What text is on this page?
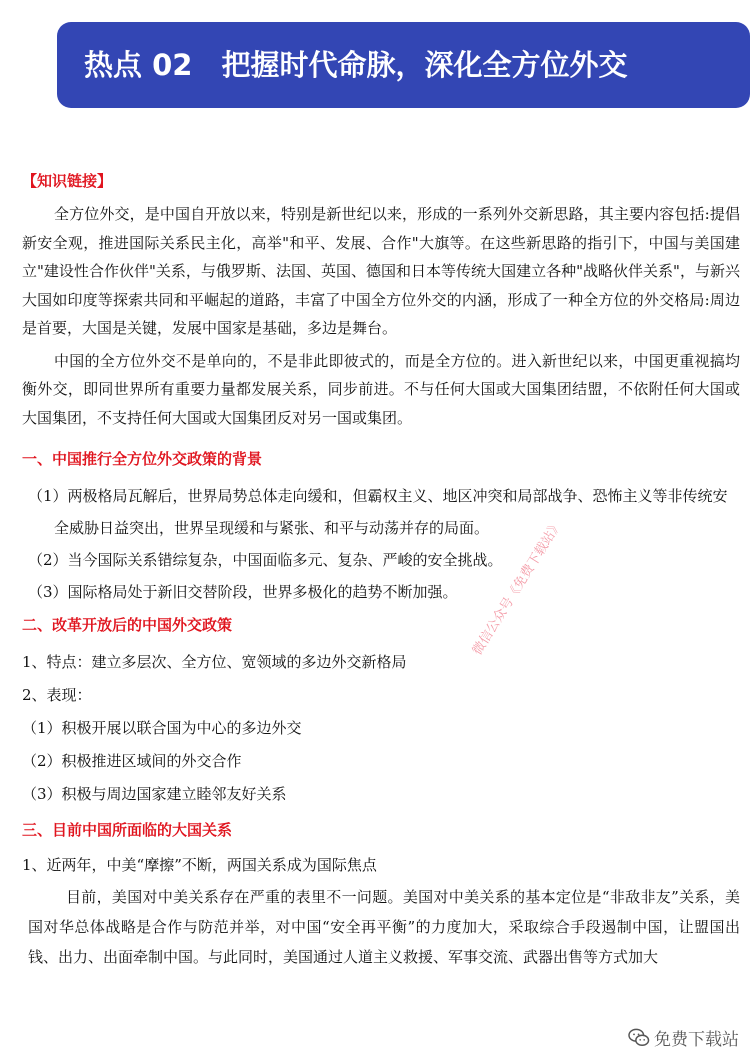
热点 02　把握时代命脉，深化全方位外交
【知识链接】

全方位外交，是中国自开放以来，特别是新世纪以来，形成的一系列外交新思路，其主要内容包括:提倡新安全观，推进国际关系民主化，高举"和平、发展、合作"大旗等。在这些新思路的指引下，中国与美国建立"建设性合作伙伴"关系，与俄罗斯、法国、英国、德国和日本等传统大国建立各种"战略伙伴关系"，与新兴大国如印度等探索共同和平崛起的道路，丰富了中国全方位外交的内涵，形成了一种全方位的外交格局:周边是首要，大国是关键，发展中国家是基础，多边是舞台。

中国的全方位外交不是单向的，不是非此即彼式的，而是全方位的。进入新世纪以来，中国更重视搞均衡外交，即同世界所有重要力量都发展关系，同步前进。不与任何大国或大国集团结盟，不依附任何大国或大国集团，不支持任何大国或大国集团反对另一国或集团。

一、中国推行全方位外交政策的背景

（1）两极格局瓦解后，世界局势总体走向缓和，但霸权主义、地区冲突和局部战争、恐怖主义等非传统安全威胁日益突出，世界呈现缓和与紧张、和平与动荡并存的局面。

（2）当今国际关系错综复杂，中国面临多元、复杂、严峻的安全挑战。

（3）国际格局处于新旧交替阶段，世界多极化的趋势不断加强。

二、改革开放后的中国外交政策

1、特点：建立多层次、全方位、宽领域的多边外交新格局

2、表现：

（1）积极开展以联合国为中心的多边外交

（2）积极推进区域间的外交合作

（3）积极与周边国家建立睦邻友好关系

三、目前中国所面临的大国关系

1、近两年，中美“摩擦”不断，两国关系成为国际焦点

目前，美国对中美关系存在严重的表里不一问题。美国对中美关系的基本定位是“非敌非友”关系，美国对华总体战略是合作与防范并举，对中国“安全再平衡”的力度加大，采取综合手段遏制中国，让盟国出钱、出力、出面牵制中国。与此同时，美国通过人道主义救援、军事交流、武器出售等方式加大

微信公众号《免费下载站》
免费下载站
